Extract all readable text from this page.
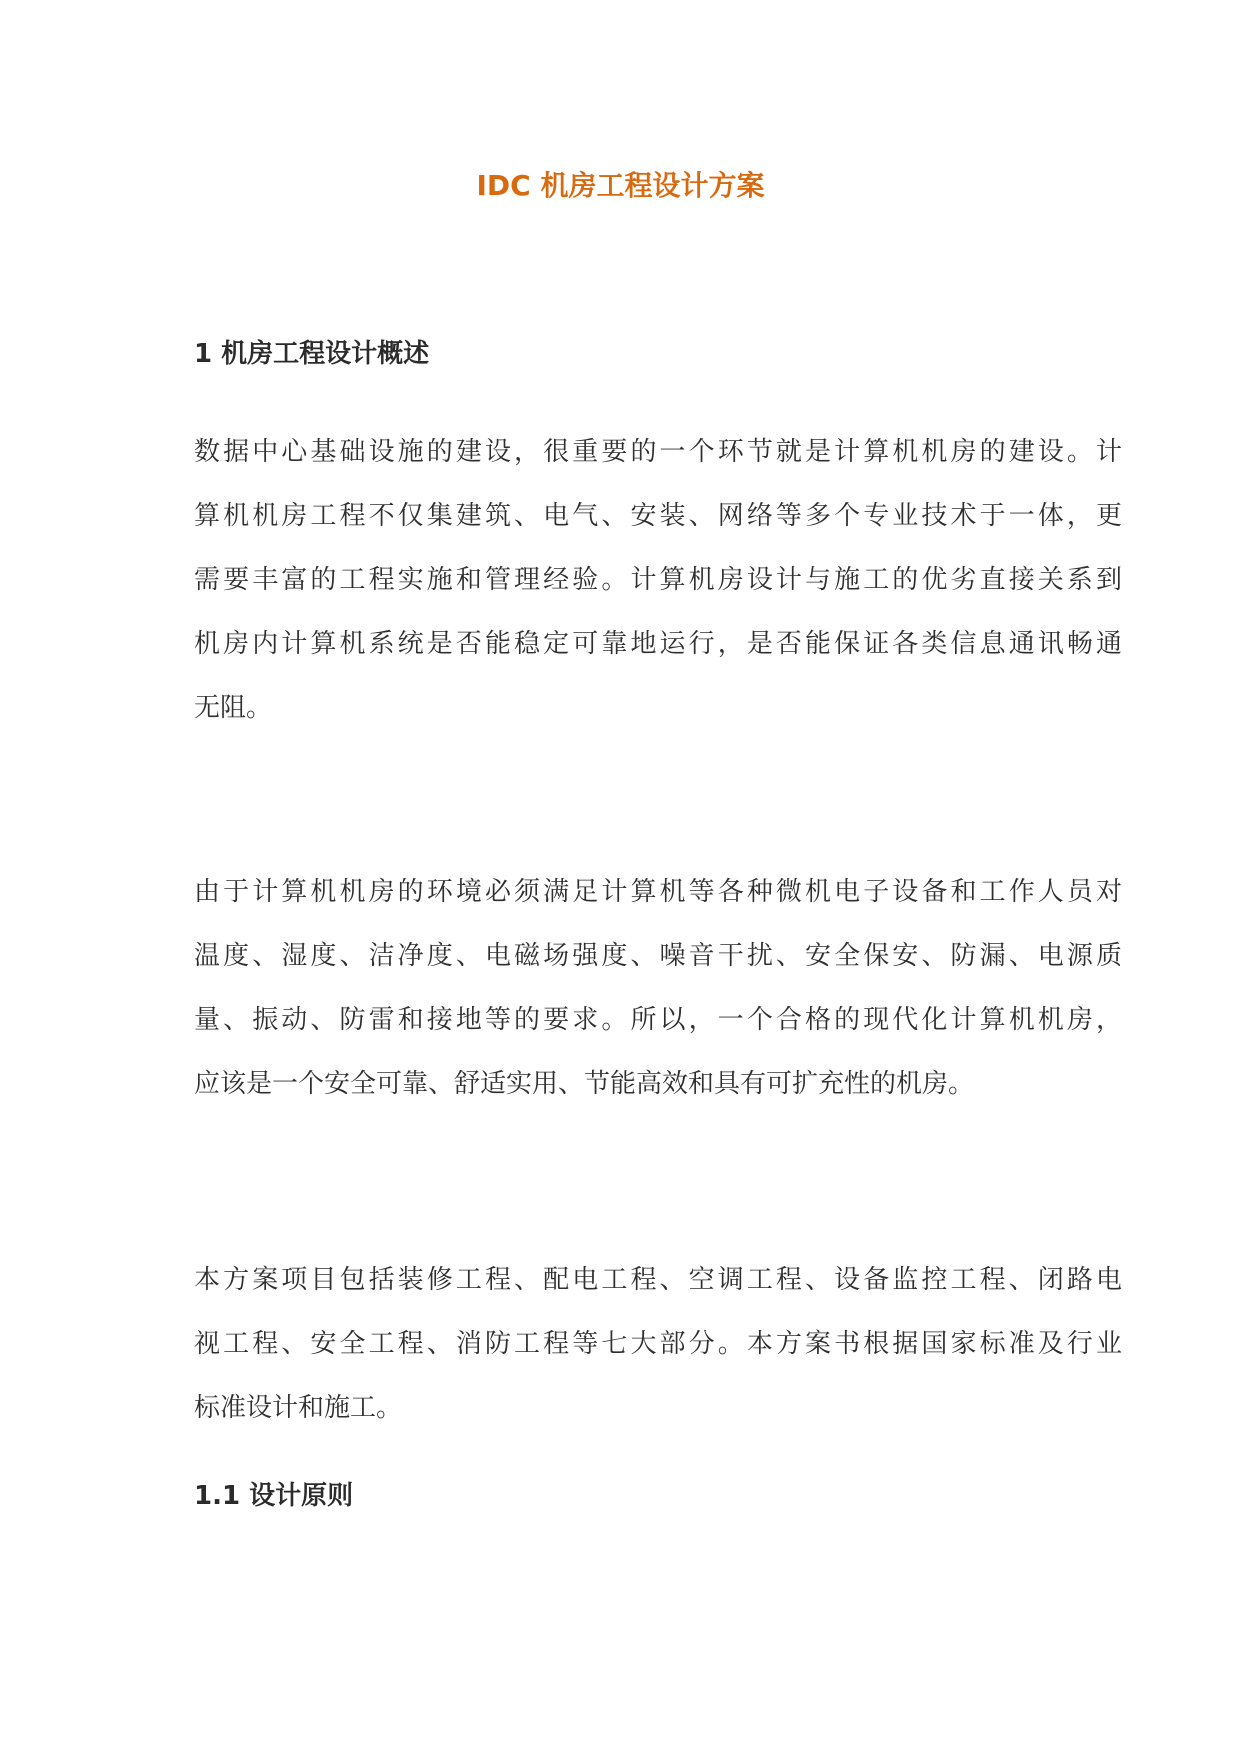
IDC 机房工程设计方案
1 机房工程设计概述
数据中心基础设施的建设，很重要的一个环节就是计算机机房的建设。计
算机机房工程不仅集建筑、电气、安装、网络等多个专业技术于一体，更
需要丰富的工程实施和管理经验。计算机房设计与施工的优劣直接关系到
机房内计算机系统是否能稳定可靠地运行，是否能保证各类信息通讯畅通
无阻。
由于计算机机房的环境必须满足计算机等各种微机电子设备和工作人员对
温度、湿度、洁净度、电磁场强度、噪音干扰、安全保安、防漏、电源质
量、振动、防雷和接地等的要求。所以，一个合格的现代化计算机机房，
应该是一个安全可靠、舒适实用、节能高效和具有可扩充性的机房。
本方案项目包括装修工程、配电工程、空调工程、设备监控工程、闭路电
视工程、安全工程、消防工程等七大部分。本方案书根据国家标准及行业
标准设计和施工。
1.1 设计原则
